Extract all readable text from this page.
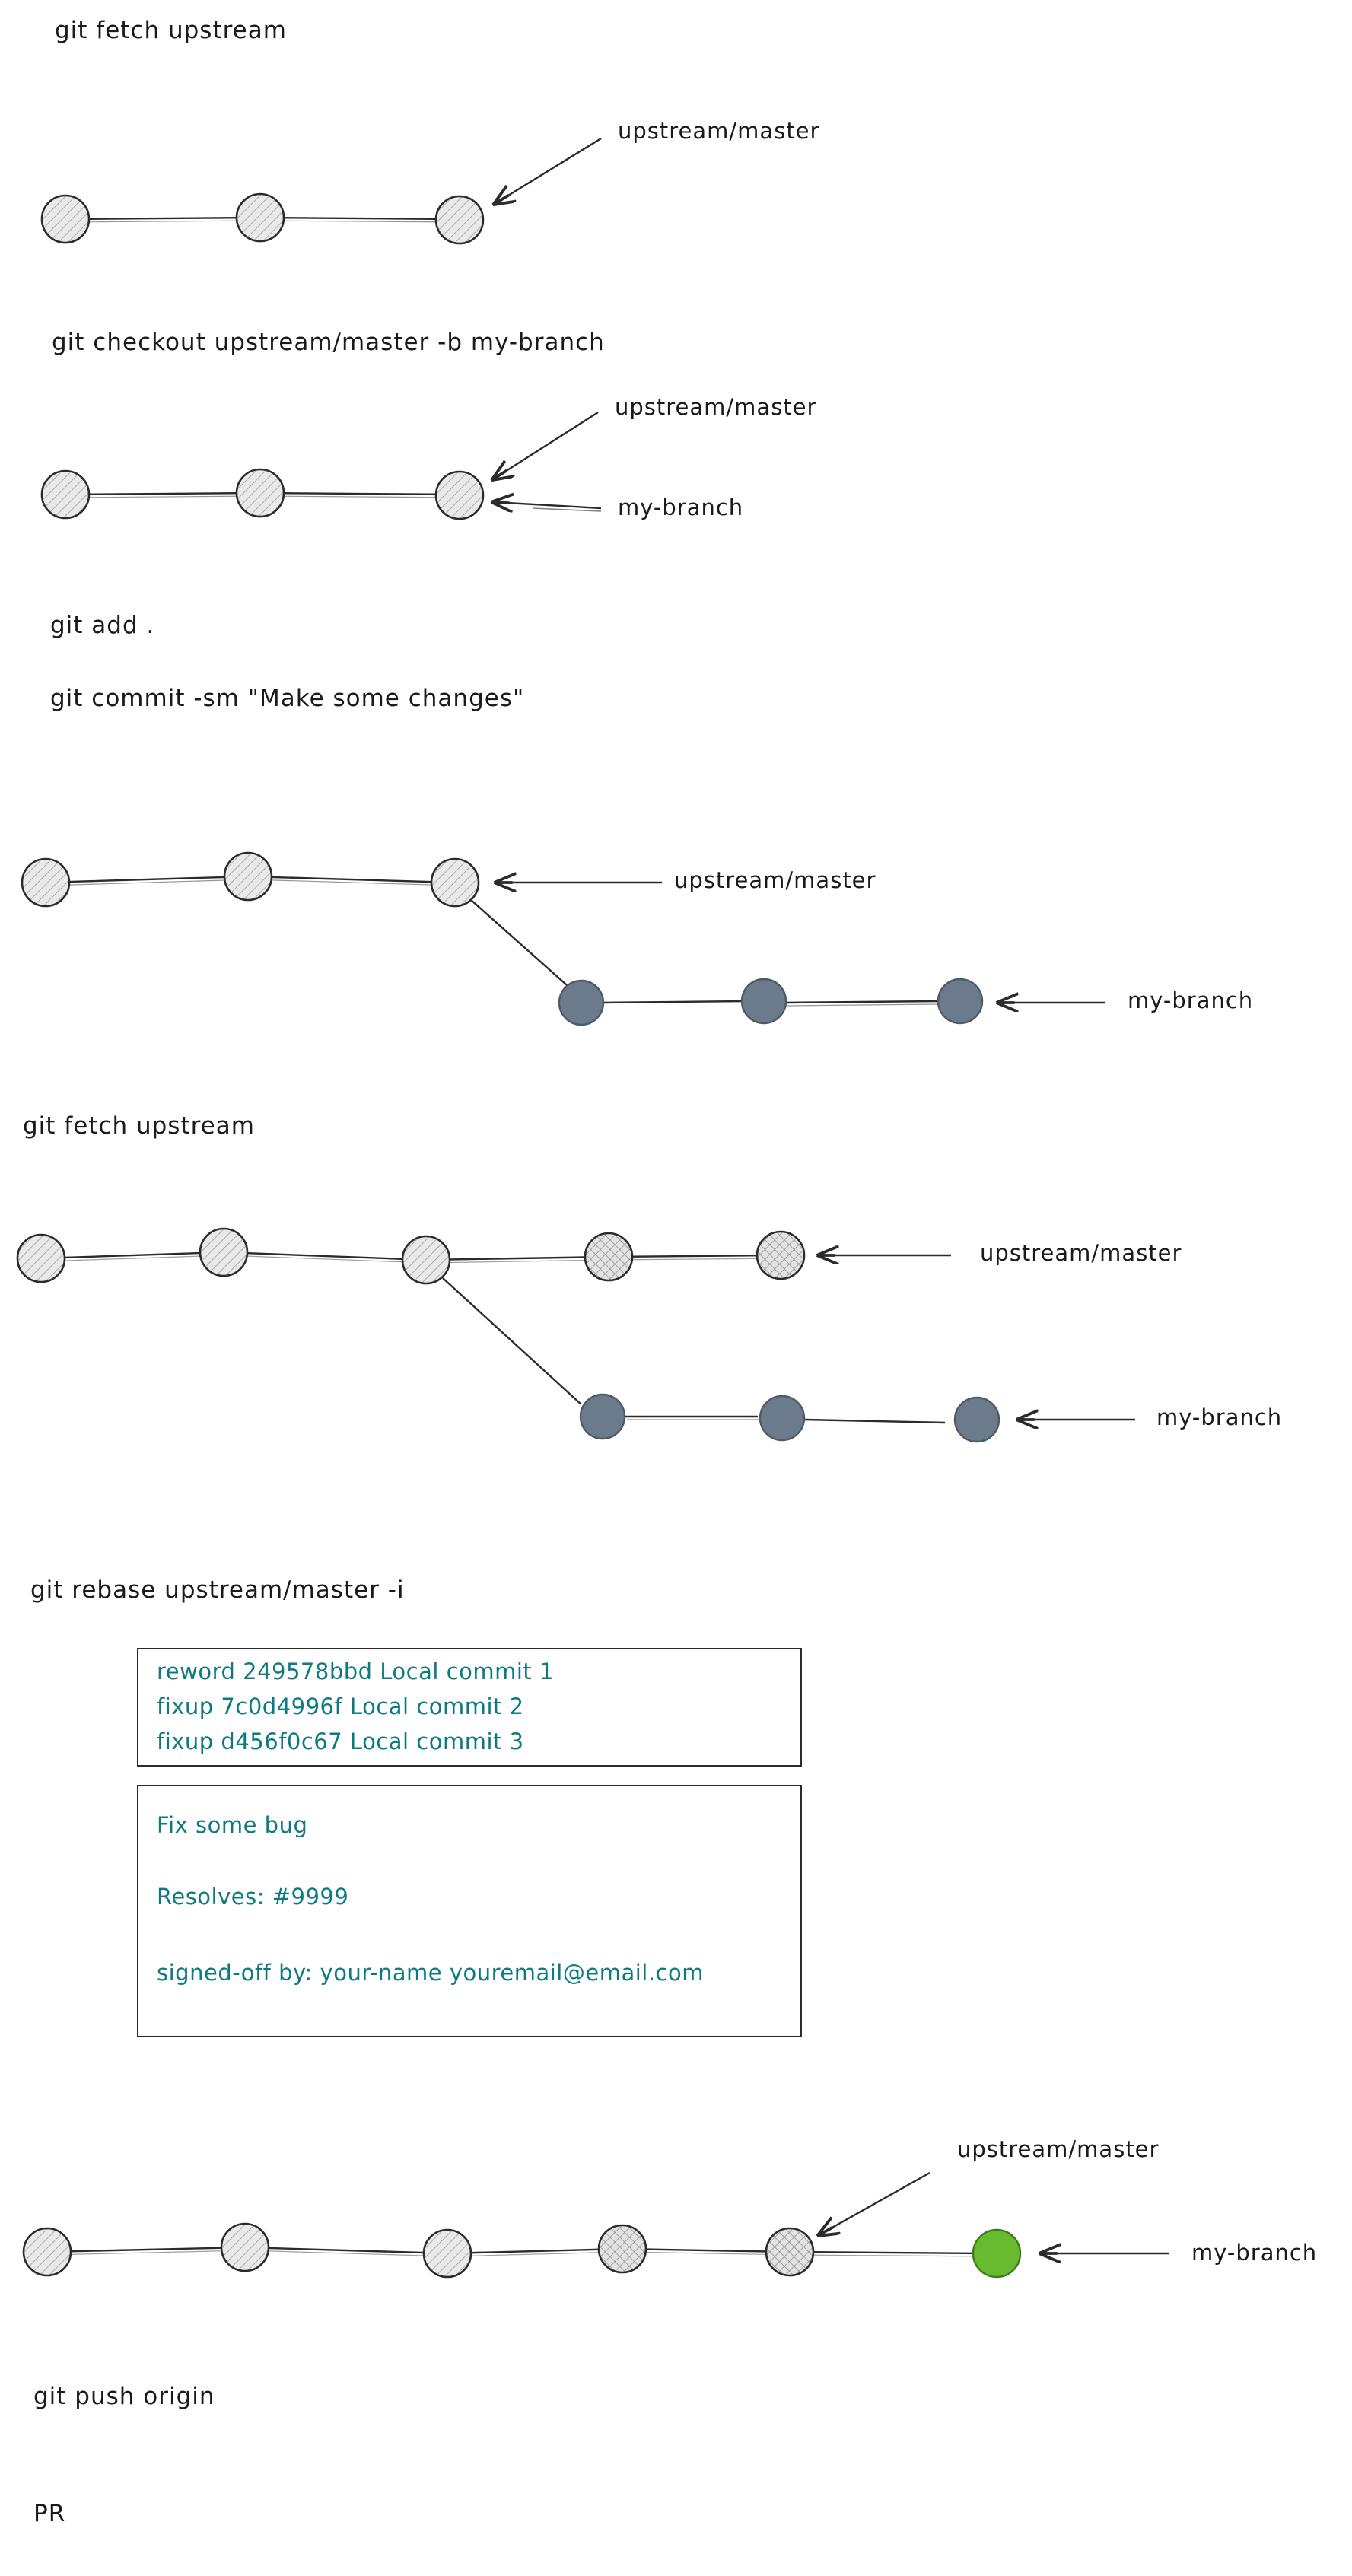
git fetch upstream
upstream/master
git checkout upstream/master -b my-branch
upstream/master
my-branch
git add .
git commit -sm "Make some changes"
upstream/master
my-branch
git fetch upstream
upstream/master
my-branch
git rebase upstream/master -i
reword 249578bbd Local commit 1
fixup 7c0d4996f Local commit 2
fixup d456f0c67 Local commit 3
Fix some bug
Resolves: #9999
signed-off by: your-name youremail@email.com
upstream/master
my-branch
git push origin
PR
